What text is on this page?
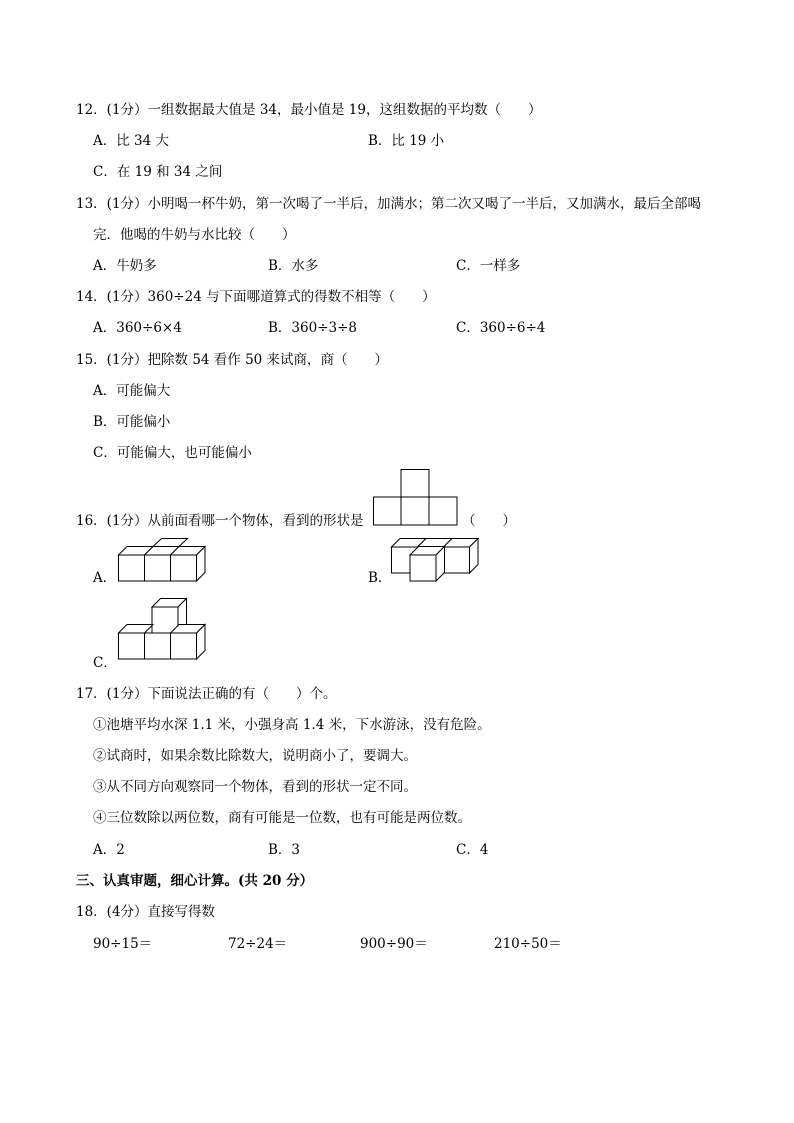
12．(1分）一组数据最大值是 34，最小值是 19，这组数据的平均数（　　）
A．比 34 大	B．比 19 小
C．在 19 和 34 之间
13．(1分）小明喝一杯牛奶，第一次喝了一半后，加满水；第二次又喝了一半后，又加满水，最后全部喝
完．他喝的牛奶与水比较（　　）
A．牛奶多	B．水多	C．一样多
14．(1分）360÷24 与下面哪道算式的得数不相等（　　）
A．360÷6×4	B．360÷3÷8	C．360÷6÷4
15．(1分）把除数 54 看作 50 来试商，商（　　）
A．可能偏大
B．可能偏小
C．可能偏大，也可能偏小
16．(1分）从前面看哪一个物体，看到的形状是	（　　）
A．	B．
C．
17．(1分）下面说法正确的有（　　）个。
①池塘平均水深 1.1 米，小强身高 1.4 米，下水游泳，没有危险。
②试商时，如果余数比除数大，说明商小了，要调大。
③从不同方向观察同一个物体，看到的形状一定不同。
④三位数除以两位数，商有可能是一位数，也有可能是两位数。
A．2	B．3	C．4
三、认真审题，细心计算。(共 20 分）
18．(4分）直接写得数
90÷15＝	72÷24＝	900÷90＝	210÷50＝
